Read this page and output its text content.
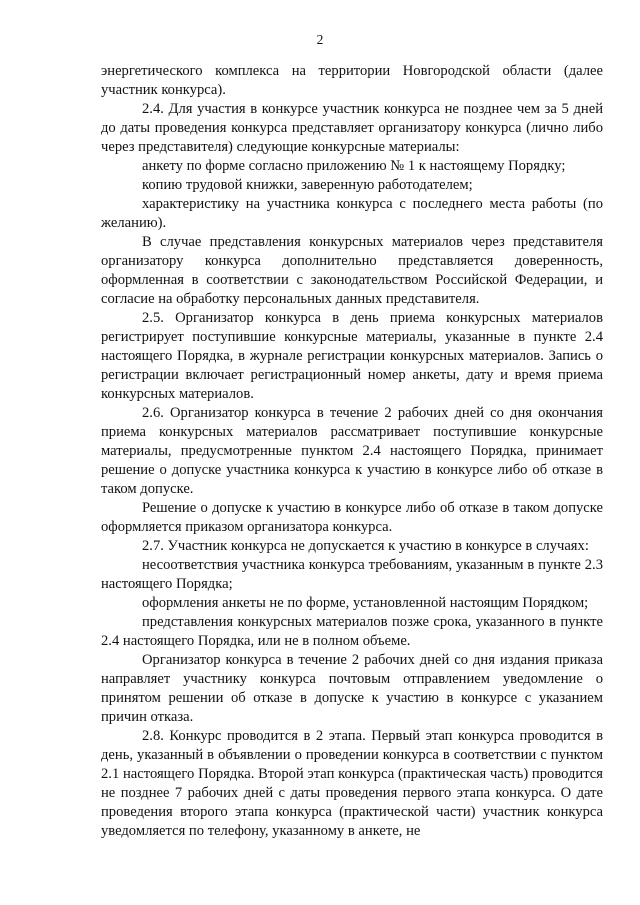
2

энергетического комплекса на территории Новгородской области (далее участник конкурса).

2.4. Для участия в конкурсе участник конкурса не позднее чем за 5 дней до даты проведения конкурса представляет организатору конкурса (лично либо через представителя) следующие конкурсные материалы:

анкету по форме согласно приложению № 1 к настоящему Порядку;

копию трудовой книжки, заверенную работодателем;

характеристику на участника конкурса с последнего места работы (по желанию).

В случае представления конкурсных материалов через представителя организатору конкурса дополнительно представляется доверенность, оформленная в соответствии с законодательством Российской Федерации, и согласие на обработку персональных данных представителя.

2.5. Организатор конкурса в день приема конкурсных материалов регистрирует поступившие конкурсные материалы, указанные в пункте 2.4 настоящего Порядка, в журнале регистрации конкурсных материалов. Запись о регистрации включает регистрационный номер анкеты, дату и время приема конкурсных материалов.

2.6. Организатор конкурса в течение 2 рабочих дней со дня окончания приема конкурсных материалов рассматривает поступившие конкурсные материалы, предусмотренные пунктом 2.4 настоящего Порядка, принимает решение о допуске участника конкурса к участию в конкурсе либо об отказе в таком допуске.

Решение о допуске к участию в конкурсе либо об отказе в таком допуске оформляется приказом организатора конкурса.

2.7. Участник конкурса не допускается к участию в конкурсе в случаях:

несоответствия участника конкурса требованиям, указанным в пункте 2.3 настоящего Порядка;

оформления анкеты не по форме, установленной настоящим Порядком;

представления конкурсных материалов позже срока, указанного в пункте 2.4 настоящего Порядка, или не в полном объеме.

Организатор конкурса в течение 2 рабочих дней со дня издания приказа направляет участнику конкурса почтовым отправлением уведомление о принятом решении об отказе в допуске к участию в конкурсе с указанием причин отказа.

2.8. Конкурс проводится в 2 этапа. Первый этап конкурса проводится в день, указанный в объявлении о проведении конкурса в соответствии с пунктом 2.1 настоящего Порядка. Второй этап конкурса (практическая часть) проводится не позднее 7 рабочих дней с даты проведения первого этапа конкурса. О дате проведения второго этапа конкурса (практической части) участник конкурса уведомляется по телефону, указанному в анкете, не
